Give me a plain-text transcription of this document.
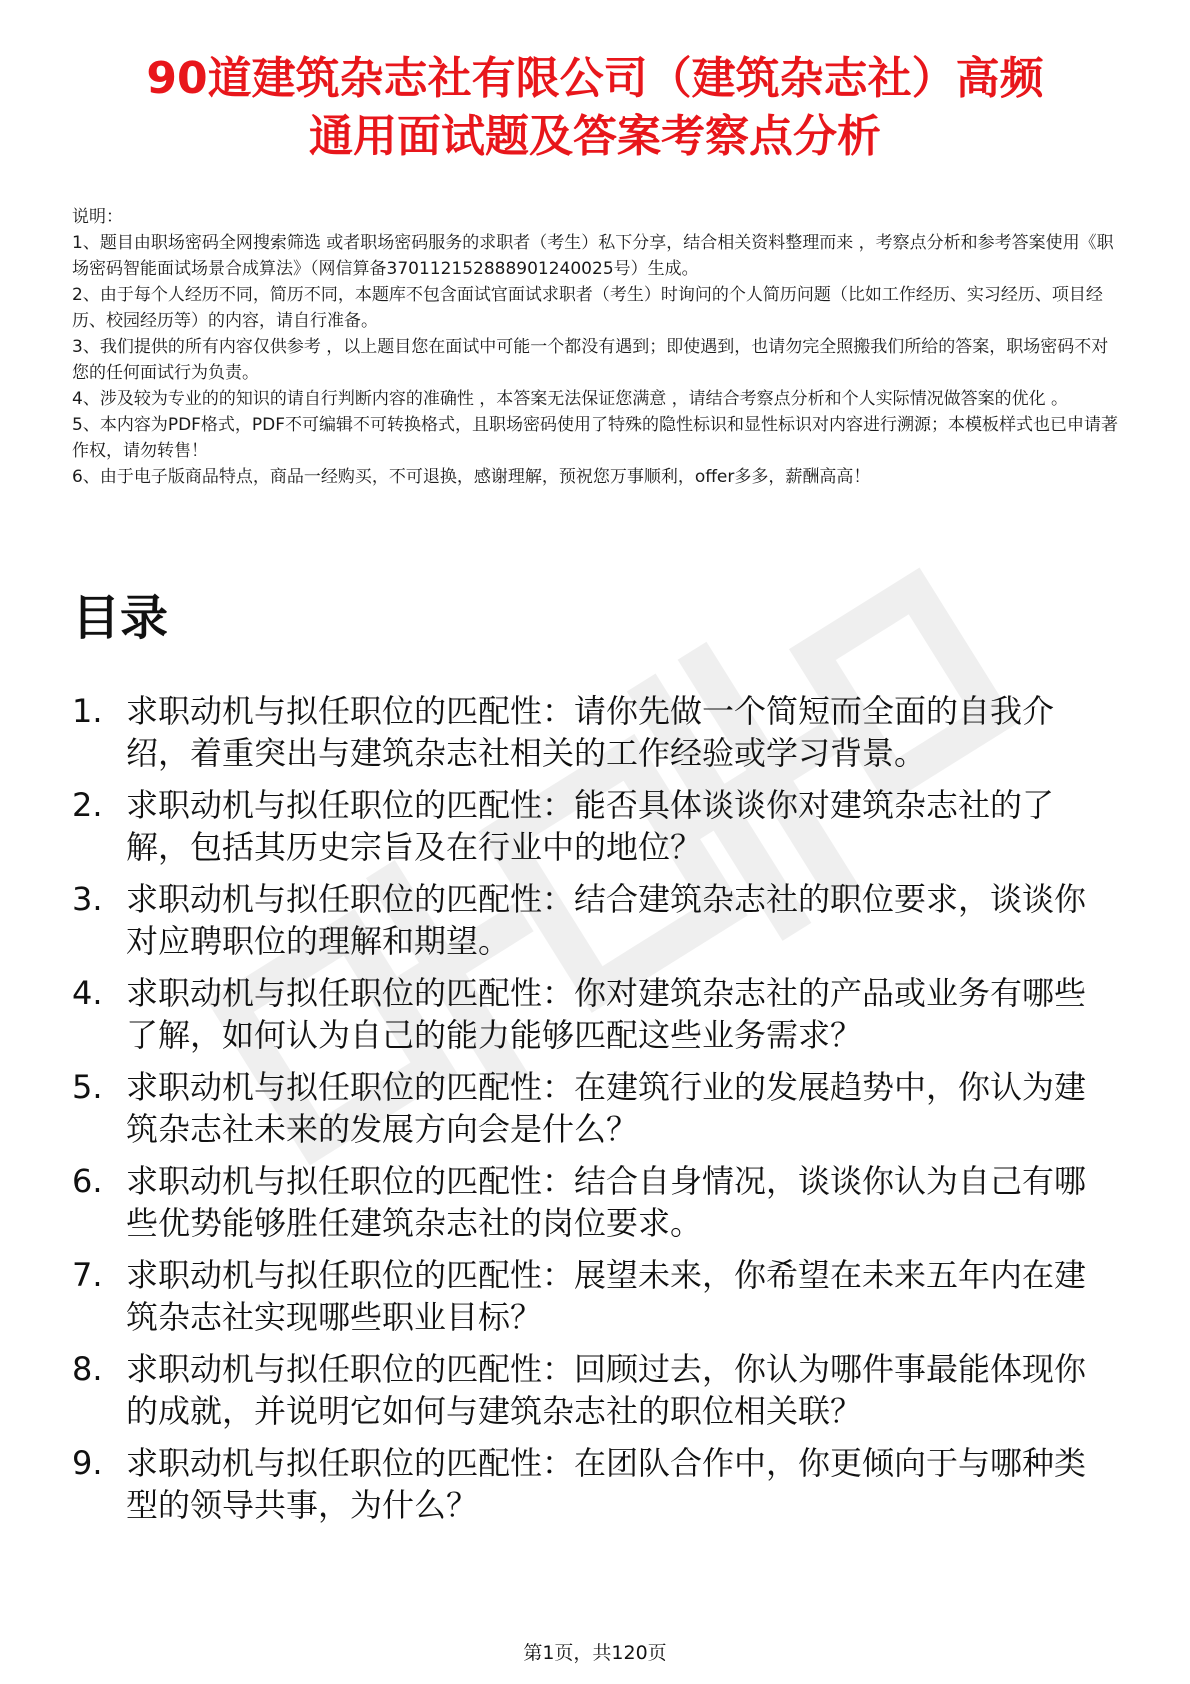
90道建筑杂志社有限公司（建筑杂志社）高频
通用面试题及答案考察点分析

说明：

1、题目由职场密码全网搜索筛选 或者职场密码服务的求职者（考生）私下分享，结合相关资料整理而来 ，考察点分析和参考答案使用《职场密码智能面试场景合成算法》（网信算备370112152888901240025号）生成。

2、由于每个人经历不同，简历不同，本题库不包含面试官面试求职者（考生）时询问的个人简历问题（比如工作经历、实习经历、项目经历、校园经历等）的内容，请自行准备。

3、我们提供的所有内容仅供参考 ，以上题目您在面试中可能一个都没有遇到；即使遇到，也请勿完全照搬我们所给的答案，职场密码不对您的任何面试行为负责。

4、涉及较为专业的的知识的请自行判断内容的准确性 ，本答案无法保证您满意 ，请结合考察点分析和个人实际情况做答案的优化 。

5、本内容为PDF格式，PDF不可编辑不可转换格式，且职场密码使用了特殊的隐性标识和显性标识对内容进行溯源；本模板样式也已申请著作权，请勿转售！

6、由于电子版商品特点，商品一经购买，不可退换，感谢理解，预祝您万事顺利，offer多多，薪酬高高！

目录
1. 求职动机与拟任职位的匹配性：请你先做一个简短而全面的自我介绍，着重突出与建筑杂志社相关的工作经验或学习背景。
2. 求职动机与拟任职位的匹配性：能否具体谈谈你对建筑杂志社的了解，包括其历史宗旨及在行业中的地位？
3. 求职动机与拟任职位的匹配性：结合建筑杂志社的职位要求，谈谈你对应聘职位的理解和期望。
4. 求职动机与拟任职位的匹配性：你对建筑杂志社的产品或业务有哪些了解，如何认为自己的能力能够匹配这些业务需求？
5. 求职动机与拟任职位的匹配性：在建筑行业的发展趋势中，你认为建筑杂志社未来的发展方向会是什么？
6. 求职动机与拟任职位的匹配性：结合自身情况，谈谈你认为自己有哪些优势能够胜任建筑杂志社的岗位要求。
7. 求职动机与拟任职位的匹配性：展望未来，你希望在未来五年内在建筑杂志社实现哪些职业目标？
8. 求职动机与拟任职位的匹配性：回顾过去，你认为哪件事最能体现你的成就，并说明它如何与建筑杂志社的职位相关联？
9. 求职动机与拟任职位的匹配性：在团队合作中，你更倾向于与哪种类型的领导共事，为什么？
第1页，共120页
